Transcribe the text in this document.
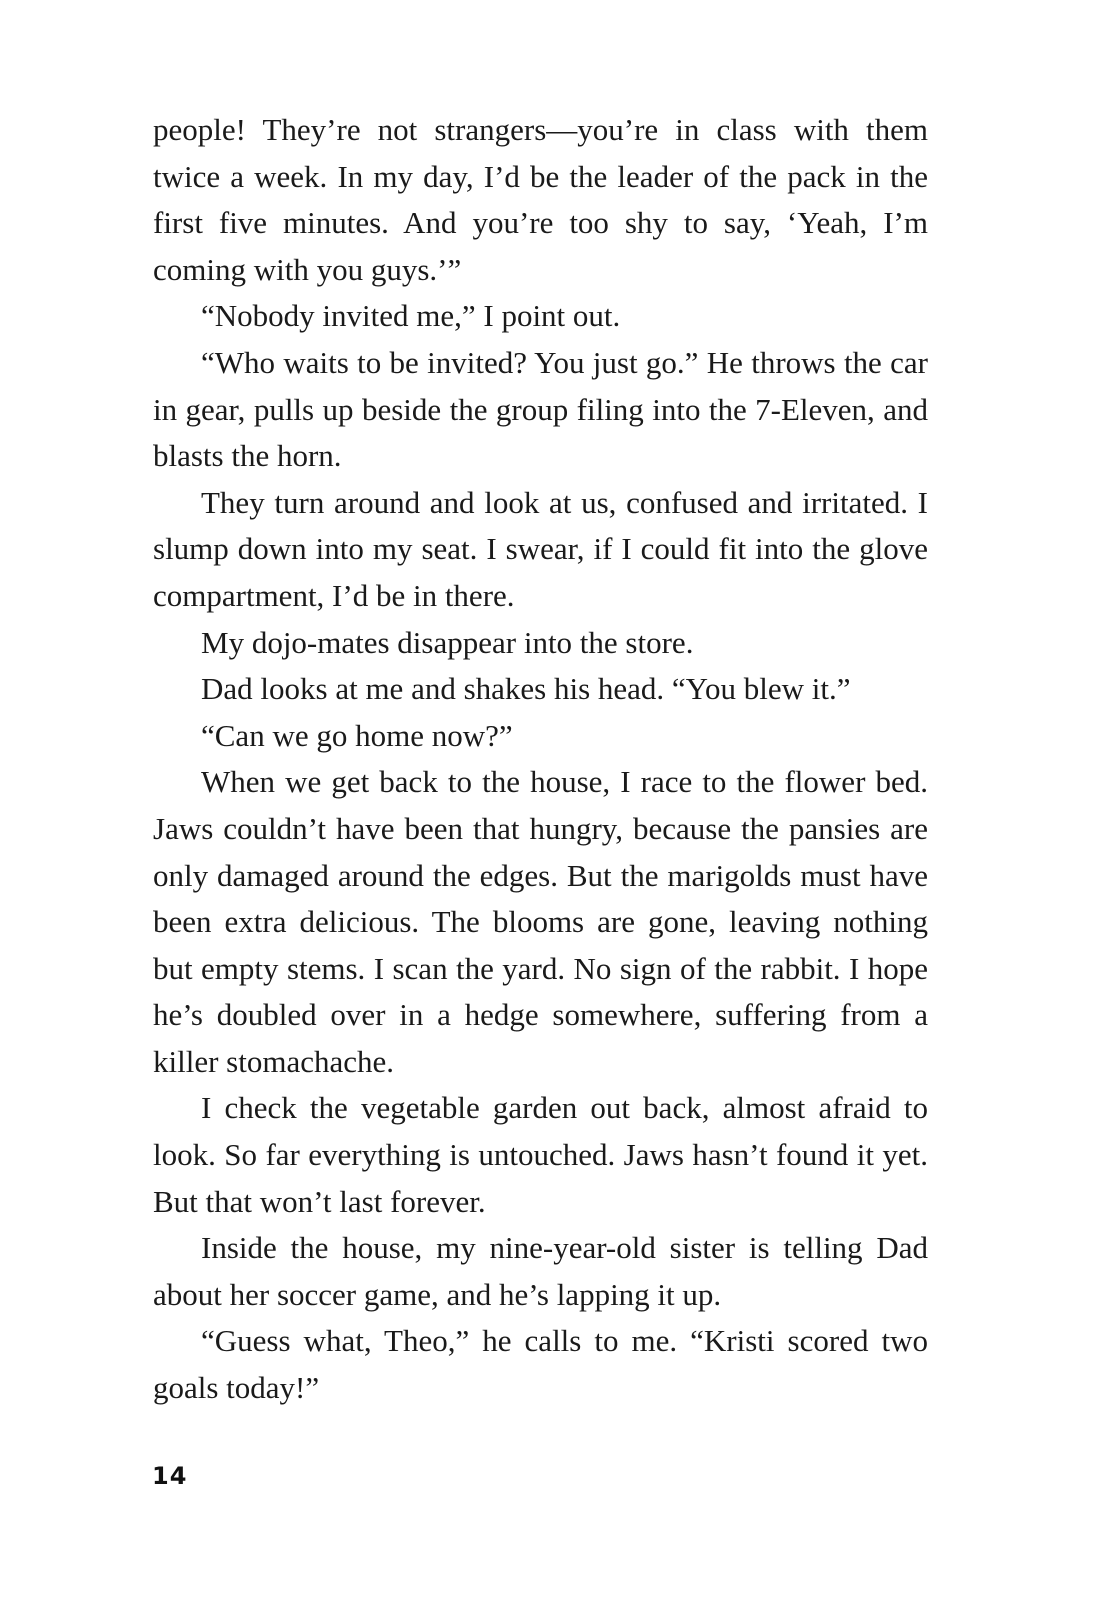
people! They’re not strangers—you’re in class with them twice a week. In my day, I’d be the leader of the pack in the first five minutes. And you’re too shy to say, ‘Yeah, I’m coming with you guys.’”

“Nobody invited me,” I point out.

“Who waits to be invited? You just go.” He throws the car in gear, pulls up beside the group filing into the 7-Eleven, and blasts the horn.

They turn around and look at us, confused and irritated. I slump down into my seat. I swear, if I could fit into the glove compartment, I’d be in there.

My dojo-mates disappear into the store.

Dad looks at me and shakes his head. “You blew it.”

“Can we go home now?”

When we get back to the house, I race to the flower bed. Jaws couldn’t have been that hungry, because the pansies are only damaged around the edges. But the marigolds must have been extra delicious. The blooms are gone, leaving nothing but empty stems. I scan the yard. No sign of the rabbit. I hope he’s doubled over in a hedge somewhere, suffering from a killer stomachache.

I check the vegetable garden out back, almost afraid to look. So far everything is untouched. Jaws hasn’t found it yet. But that won’t last forever.

Inside the house, my nine-year-old sister is telling Dad about her soccer game, and he’s lapping it up.

“Guess what, Theo,” he calls to me. “Kristi scored two goals today!”

14
